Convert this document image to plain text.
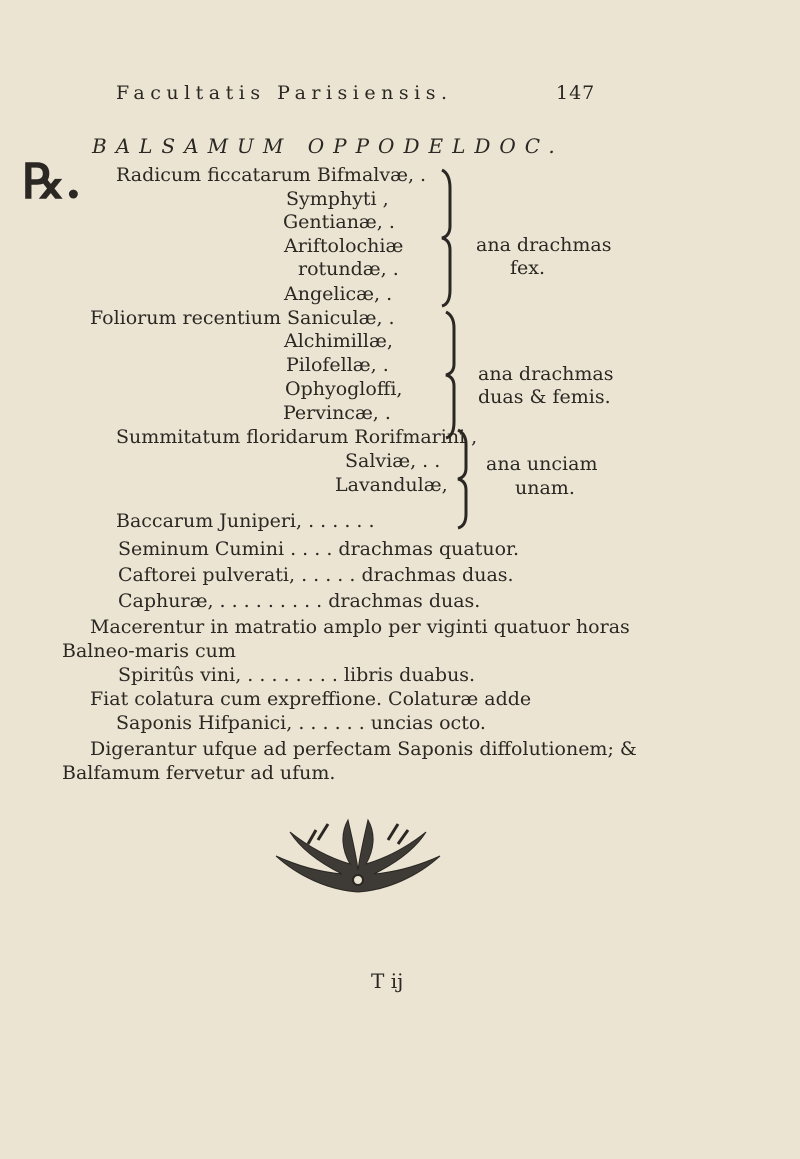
Facultatis Parisiensis.	147
BALSAMUM OPPODELDOC.
℞. Radicum ficcatarum Bifmalvæ, .
Symphyti ,
Gentianæ, .
Ariftolochiæ
rotundæ, .
Angelicæ, .
ana drachmas
fex.
Foliorum recentium Saniculæ, .
Alchimillæ,
Pilofellæ, .
Ophyogloffi,
Pervincæ, .
ana drachmas
duas & femis.
Summitatum floridarum Rorifmarini ,
Salviæ, . .
Lavandulæ,
Baccarum Juniperi, . . . . . .
ana unciam
unam.
Seminum Cumini . . . . drachmas quatuor.
Caftorei pulverati, . . . . . drachmas duas.
Caphuræ, . . . . . . . . . drachmas duas.
Macerentur in matratio amplo per viginti quatuor horas
Balneo-maris cum
Spiritûs vini, . . . . . . . . libris duabus.
Fiat colatura cum expreffione. Colaturæ adde
Saponis Hifpanici, . . . . . . uncias octo.
Digerantur ufque ad perfectam Saponis diffolutionem; &
Balfamum fervetur ad ufum.
T ij
